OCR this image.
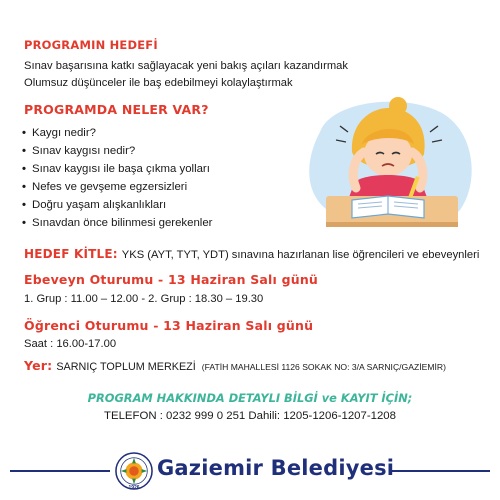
PROGRAMIN HEDEFİ
Sınav başarısına katkı sağlayacak yeni bakış açıları kazandırmak
Olumsuz düşünceler ile baş edebilmeyi kolaylaştırmak
PROGRAMDA NELER VAR?
• Kaygı nedir?
• Sınav kaygısı nedir?
• Sınav kaygısı ile başa çıkma yolları
• Nefes ve gevşeme egzersizleri
• Doğru yaşam alışkanlıkları
• Sınavdan önce bilinmesi gerekenler
HEDEF KİTLE: YKS (AYT, TYT, YDT) sınavına hazırlanan lise öğrencileri ve ebeveynleri
Ebeveyn Oturumu - 13 Haziran Salı günü
1. Grup : 11.00 – 12.00 - 2. Grup : 18.30 – 19.30
Öğrenci Oturumu - 13 Haziran Salı günü
Saat : 16.00-17.00
Yer: SARNIÇ TOPLUM MERKEZİ (FATİH MAHALLESİ 1126 SOKAK NO: 3/A SARNIÇ/GAZİEMİR)
PROGRAM HAKKINDA DETAYLI BİLGİ ve KAYIT İÇİN;
TELEFON : 0232 999 0 251 Dahili: 1205-1206-1207-1208
1926
Gaziemir Belediyesi
